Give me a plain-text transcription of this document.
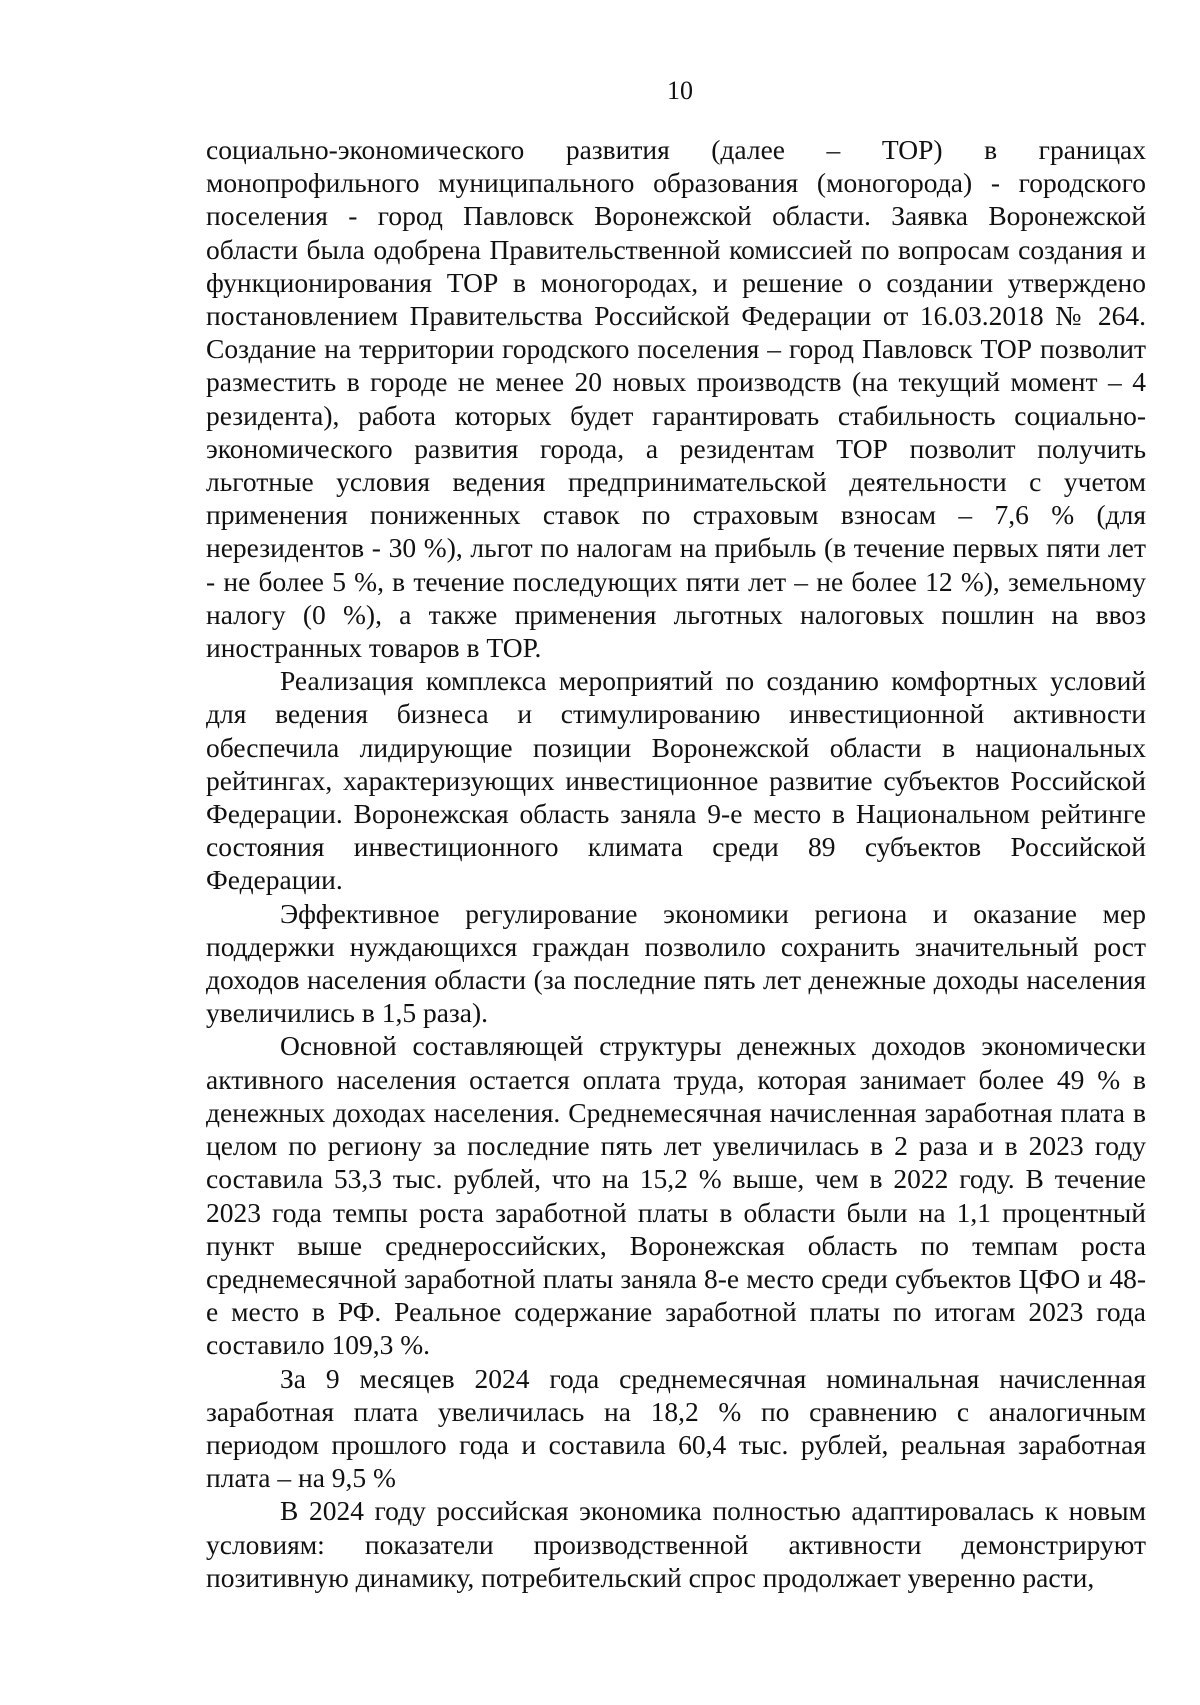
10

социально-экономического развития (далее – ТОР) в границах монопрофильного муниципального образования (моногорода) - городского поселения - город Павловск Воронежской области. Заявка Воронежской области была одобрена Правительственной комиссией по вопросам создания и функционирования ТОР в моногородах, и решение о создании утверждено постановлением Правительства Российской Федерации от 16.03.2018 № 264. Создание на территории городского поселения – город Павловск ТОР позволит разместить в городе не менее 20 новых производств (на текущий момент – 4 резидента), работа которых будет гарантировать стабильность социально-экономического развития города, а резидентам ТОР позволит получить льготные условия ведения предпринимательской деятельности с учетом применения пониженных ставок по страховым взносам – 7,6 % (для нерезидентов - 30 %), льгот по налогам на прибыль (в течение первых пяти лет - не более 5 %, в течение последующих пяти лет – не более 12 %), земельному налогу (0 %), а также применения льготных налоговых пошлин на ввоз иностранных товаров в ТОР.

Реализация комплекса мероприятий по созданию комфортных условий для ведения бизнеса и стимулированию инвестиционной активности обеспечила лидирующие позиции Воронежской области в национальных рейтингах, характеризующих инвестиционное развитие субъектов Российской Федерации. Воронежская область заняла 9-е место в Национальном рейтинге состояния инвестиционного климата среди 89 субъектов Российской Федерации.

Эффективное регулирование экономики региона и оказание мер поддержки нуждающихся граждан позволило сохранить значительный рост доходов населения области (за последние пять лет денежные доходы населения увеличились в 1,5 раза).

Основной составляющей структуры денежных доходов экономически активного населения остается оплата труда, которая занимает более 49 % в денежных доходах населения. Среднемесячная начисленная заработная плата в целом по региону за последние пять лет увеличилась в 2 раза и в 2023 году составила 53,3 тыс. рублей, что на 15,2 % выше, чем в 2022 году. В течение 2023 года темпы роста заработной платы в области были на 1,1 процентный пункт выше среднероссийских, Воронежская область по темпам роста среднемесячной заработной платы заняла 8-е место среди субъектов ЦФО и 48-е место в РФ. Реальное содержание заработной платы по итогам 2023 года составило 109,3 %.

За 9 месяцев 2024 года среднемесячная номинальная начисленная заработная плата увеличилась на 18,2 % по сравнению с аналогичным периодом прошлого года и составила 60,4 тыс. рублей, реальная заработная плата – на 9,5 %

В 2024 году российская экономика полностью адаптировалась к новым условиям: показатели производственной активности демонстрируют позитивную динамику, потребительский спрос продолжает уверенно расти,
